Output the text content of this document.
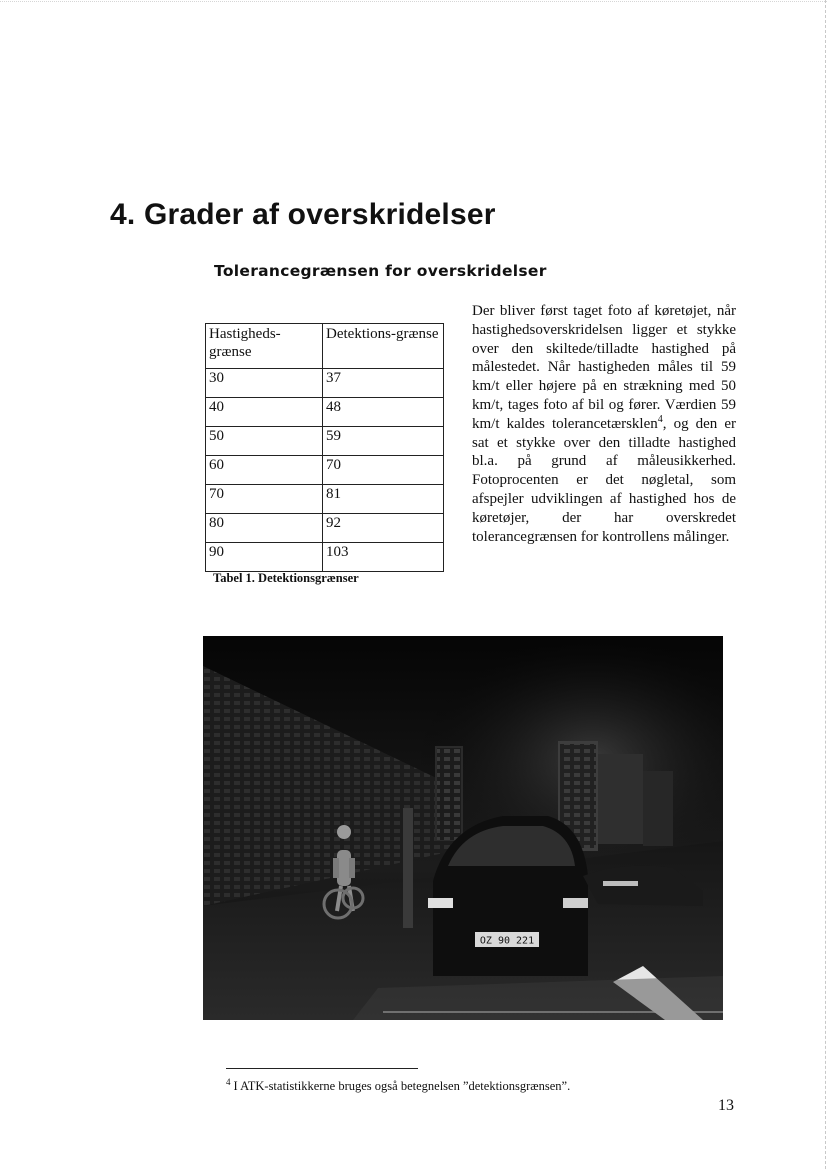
4. Grader af overskridelser
Tolerancegrænsen for overskridelser
Hastigheds-grænse	Detektions-grænse
30	37
40	48
50	59
60	70
70	81
80	92
90	103

Tabel 1. Detektionsgrænser

Der bliver først taget foto af køretøjet, når hastighedsoverskridelsen ligger et stykke over den skiltede/tilladte hastighed på målestedet. Når hastigheden måles til 59 km/t eller højere på en strækning med 50 km/t, tages foto af bil og fører. Værdien 59 km/t kaldes tolerancetærsklen$^4$, og den er sat et stykke over den tilladte hastighed bl.a. på grund af måleusikkerhed. Fotoprocenten er det nøgletal, som afspejler udviklingen af hastighed hos de køretøjer, der har overskredet tolerancegrænsen for kontrollens målinger.

OZ 90 221

$^4$ I ATK-statistikkerne bruges også betegnelsen ”detektionsgrænsen”.

13
